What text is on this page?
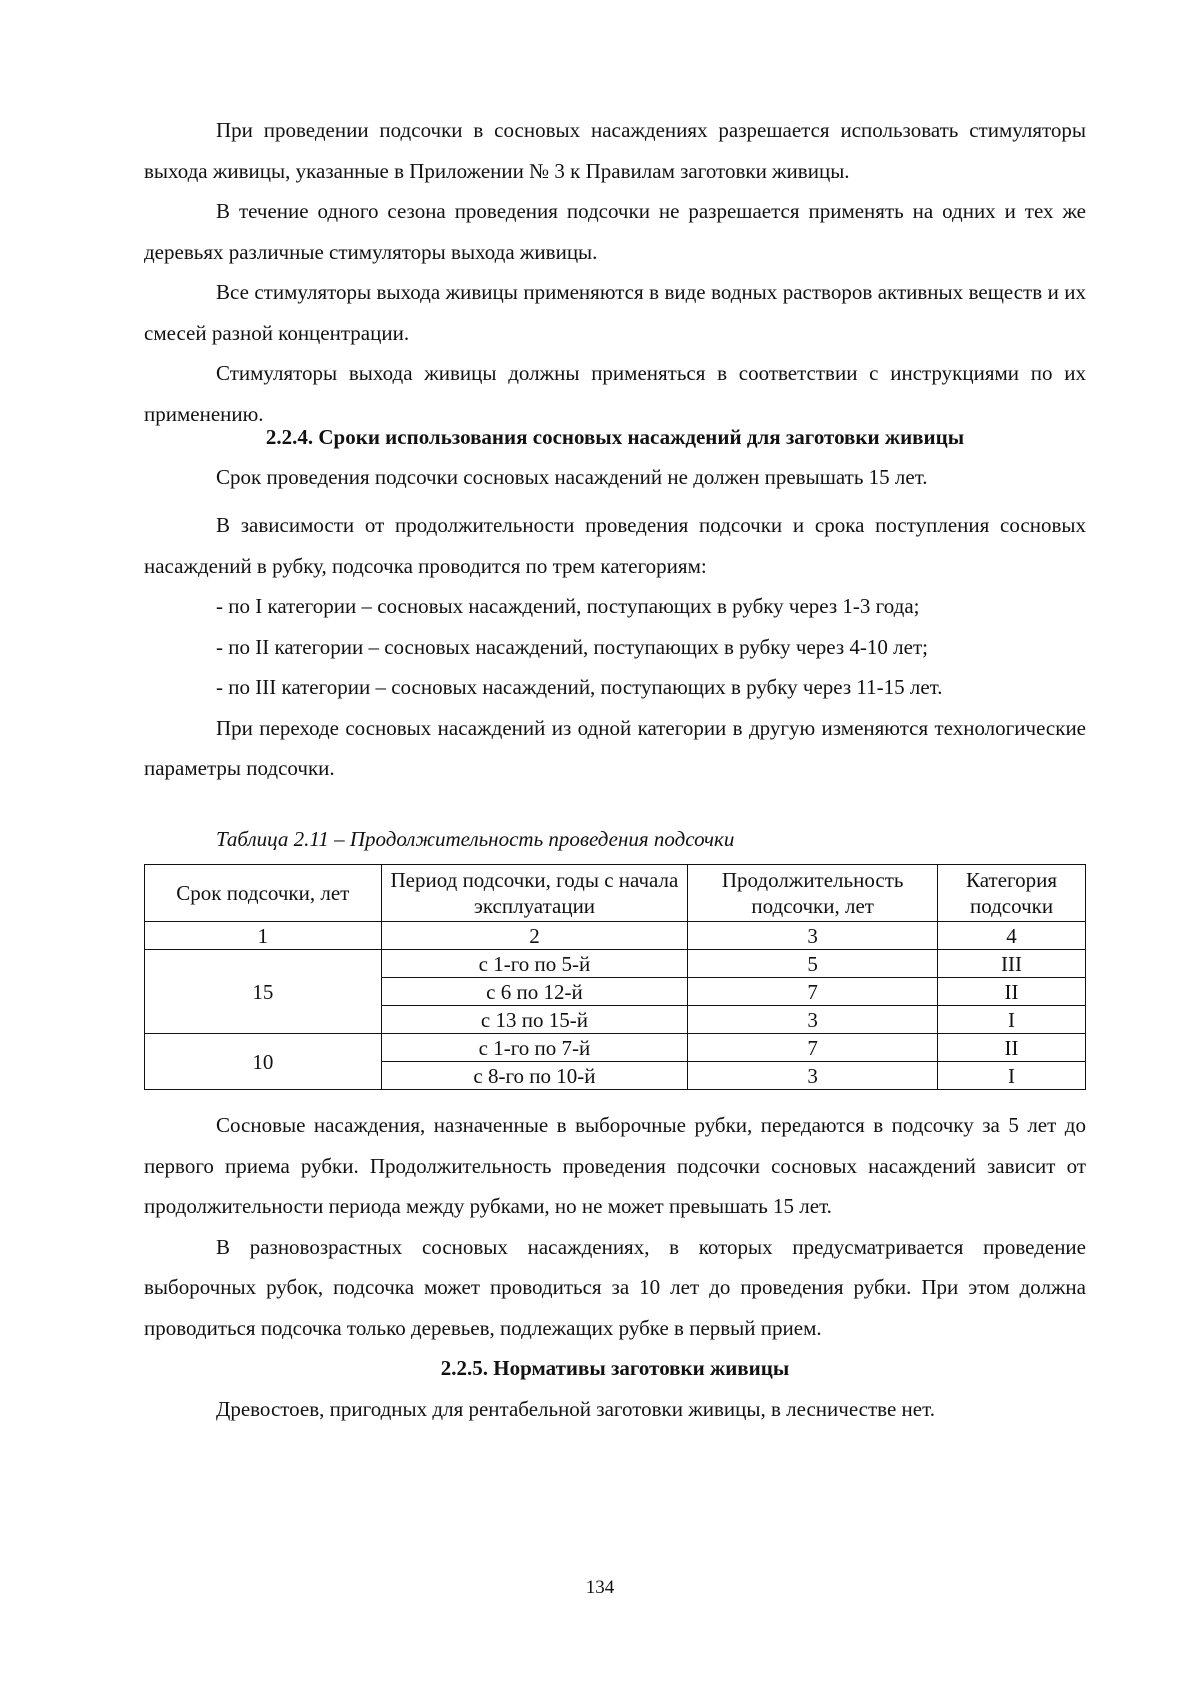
При проведении подсочки в сосновых насаждениях разрешается использовать стимуляторы выхода живицы, указанные в Приложении № 3 к Правилам заготовки живицы.

В течение одного сезона проведения подсочки не разрешается применять на одних и тех же деревьях различные стимуляторы выхода живицы.

Все стимуляторы выхода живицы применяются в виде водных растворов активных веществ и их смесей разной концентрации.

Стимуляторы выхода живицы должны применяться в соответствии с инструкциями по их применению.

2.2.4. Сроки использования сосновых насаждений для заготовки живицы

Срок проведения подсочки сосновых насаждений не должен превышать 15 лет.

В зависимости от продолжительности проведения подсочки и срока поступления сосновых насаждений в рубку, подсочка проводится по трем категориям:

- по I категории – сосновых насаждений, поступающих в рубку через 1-3 года;

- по II категории – сосновых насаждений, поступающих в рубку через 4-10 лет;

- по III категории – сосновых насаждений, поступающих в рубку через 11-15 лет.

При переходе сосновых насаждений из одной категории в другую изменяются технологические параметры подсочки.

Таблица 2.11 – Продолжительность проведения подсочки
Срок подсочки, лет	Период подсочки, годы с начала эксплуатации	Продолжительность подсочки, лет	Категория подсочки
1	2	3	4
15	с 1-го по 5-й	5	III
	с 6 по 12-й	7	II
	с 13 по 15-й	3	I
10	с 1-го по 7-й	7	II
	с 8-го по 10-й	3	I

Сосновые насаждения, назначенные в выборочные рубки, передаются в подсочку за 5 лет до первого приема рубки. Продолжительность проведения подсочки сосновых насаждений зависит от продолжительности периода между рубками, но не может превышать 15 лет.

В разновозрастных сосновых насаждениях, в которых предусматривается проведение выборочных рубок, подсочка может проводиться за 10 лет до проведения рубки. При этом должна проводиться подсочка только деревьев, подлежащих рубке в первый прием.

2.2.5. Нормативы заготовки живицы

Древостоев, пригодных для рентабельной заготовки живицы, в лесничестве нет.

134
